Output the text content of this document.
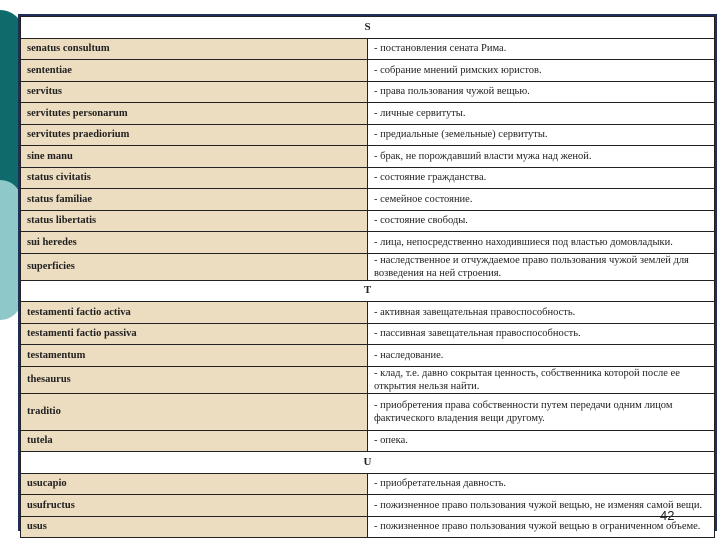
S	
senatus consultum	- постановления сената Рима.
sententiae	- собрание мнений римских юристов.
servitus	- права пользования чужой вещью.
servitutes personarum	- личные сервитуты.
servitutes praediorium	- предиальные (земельные) сервитуты.
sine manu	- брак, не порождавший власти мужа над женой.
status civitatis	- состояние гражданства.
status familiae	- семейное состояние.
status libertatis	- состояние свободы.
sui heredes	- лица, непосредственно находившиеся под властью домовладыки.
superficies	- наследственное и отчуждаемое право пользования чужой землей для возведения на ней строения.
T	
testamenti factio activa	- активная завещательная правоспособность.
testamenti factio passiva	- пассивная завещательная правоспособность.
testamentum	- наследование.
thesaurus	- клад, т.е. давно сокрытая ценность, собственника которой после ее открытия нельзя найти.
traditio	- приобретения права собственности путем передачи одним лицом фактического владения вещи другому.
tutela	- опека.
U	
usucapio	- приобретательная давность.
usufructus	- пожизненное право пользования чужой вещью, не изменяя самой вещи.
usus	- пожизненное право пользования чужой вещью в ограниченном объеме.
42
